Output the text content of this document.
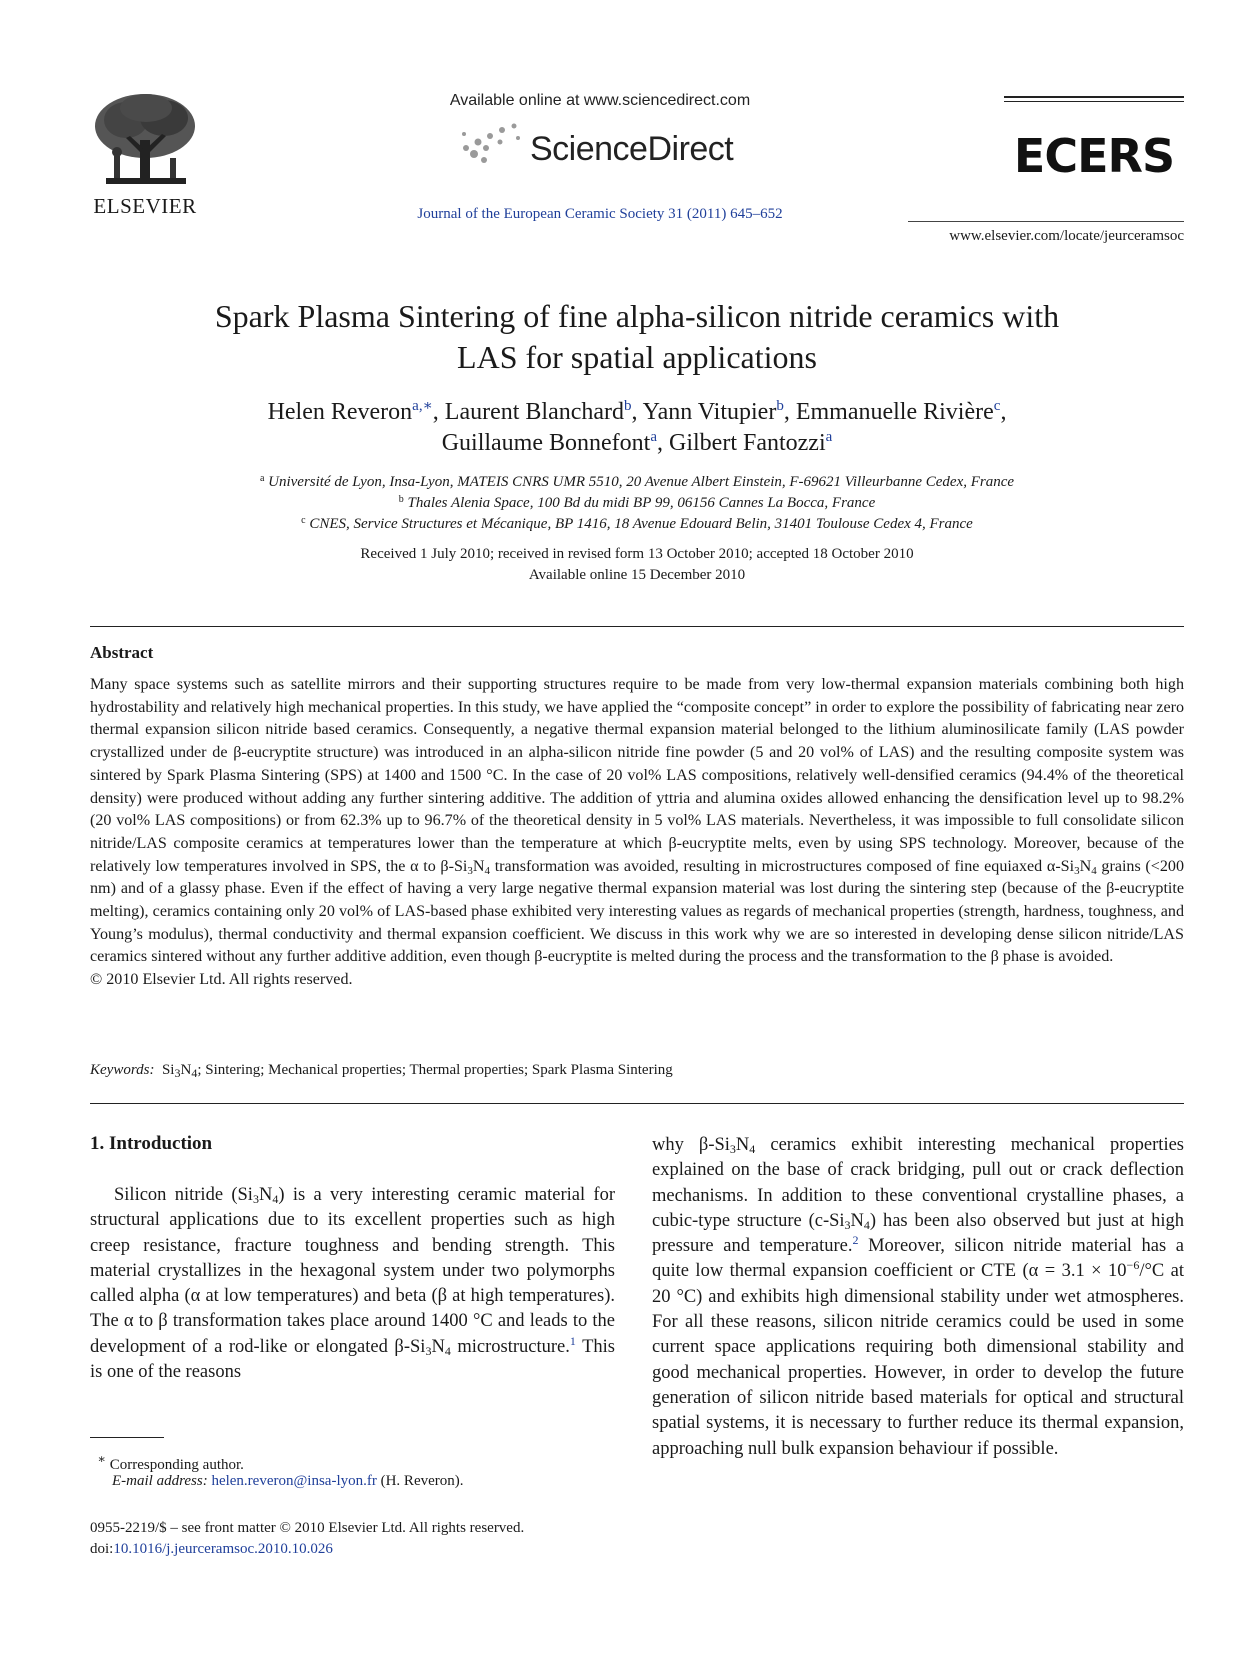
ELSEVIER
Available online at www.sciencedirect.com
ScienceDirect
Journal of the European Ceramic Society 31 (2011) 645–652
ECERS
www.elsevier.com/locate/jeurceramsoc
Spark Plasma Sintering of fine alpha-silicon nitride ceramics with
LAS for spatial applications
Helen Reveron$^{a,∗}$, Laurent Blanchard$^b$, Yann Vitupier$^b$, Emmanuelle Rivière$^c$,
Guillaume Bonnefont$^a$, Gilbert Fantozzi$^a$
$^a$ Université de Lyon, Insa-Lyon, MATEIS CNRS UMR 5510, 20 Avenue Albert Einstein, F-69621 Villeurbanne Cedex, France
$^b$ Thales Alenia Space, 100 Bd du midi BP 99, 06156 Cannes La Bocca, France
$^c$ CNES, Service Structures et Mécanique, BP 1416, 18 Avenue Edouard Belin, 31401 Toulouse Cedex 4, France
Received 1 July 2010; received in revised form 13 October 2010; accepted 18 October 2010
Available online 15 December 2010
Abstract
Many space systems such as satellite mirrors and their supporting structures require to be made from very low-thermal expansion materials combining both high hydrostability and relatively high mechanical properties. In this study, we have applied the “composite concept” in order to explore the possibility of fabricating near zero thermal expansion silicon nitride based ceramics. Consequently, a negative thermal expansion material belonged to the lithium aluminosilicate family (LAS powder crystallized under de β-eucryptite structure) was introduced in an alpha-silicon nitride fine powder (5 and 20 vol% of LAS) and the resulting composite system was sintered by Spark Plasma Sintering (SPS) at 1400 and 1500 °C. In the case of 20 vol% LAS compositions, relatively well-densified ceramics (94.4% of the theoretical density) were produced without adding any further sintering additive. The addition of yttria and alumina oxides allowed enhancing the densification level up to 98.2% (20 vol% LAS compositions) or from 62.3% up to 96.7% of the theoretical density in 5 vol% LAS materials. Nevertheless, it was impossible to full consolidate silicon nitride/LAS composite ceramics at temperatures lower than the temperature at which β-eucryptite melts, even by using SPS technology. Moreover, because of the relatively low temperatures involved in SPS, the α to $\beta-Si_3N_4$ transformation was avoided, resulting in microstructures composed of fine equiaxed $\alpha-Si_3N_4$ grains (<200 nm) and of a glassy phase. Even if the effect of having a very large negative thermal expansion material was lost during the sintering step (because of the β-eucryptite melting), ceramics containing only 20 vol% of LAS-based phase exhibited very interesting values as regards of mechanical properties (strength, hardness, toughness, and Young’s modulus), thermal conductivity and thermal expansion coefficient. We discuss in this work why we are so interested in developing dense silicon nitride/LAS ceramics sintered without any further additive addition, even though β-eucryptite is melted during the process and the transformation to the β phase is avoided.
© 2010 Elsevier Ltd. All rights reserved.
Keywords: $Si_3N_4$; Sintering; Mechanical properties; Thermal properties; Spark Plasma Sintering
1. Introduction
Silicon nitride $(Si_3N_4)$ is a very interesting ceramic material for structural applications due to its excellent properties such as high creep resistance, fracture toughness and bending strength. This material crystallizes in the hexagonal system under two polymorphs called alpha (α at low temperatures) and beta (β at high temperatures). The α to β transformation takes place around 1400 °C and leads to the development of a rod-like or elongated $\beta-Si_3N_4$ microstructure.$^1$ This is one of the reasons
why $\beta-Si_3N_4$ ceramics exhibit interesting mechanical properties explained on the base of crack bridging, pull out or crack deflection mechanisms. In addition to these conventional crystalline phases, a cubic-type structure $(c-Si_3N_4)$ has been also observed but just at high pressure and temperature.$^2$ Moreover, silicon nitride material has a quite low thermal expansion coefficient or CTE ($\alpha = 3.1 \times 10^{-6}/^\circ C$ at 20 °C) and exhibits high dimensional stability under wet atmospheres. For all these reasons, silicon nitride ceramics could be used in some current space applications requiring both dimensional stability and good mechanical properties. However, in order to develop the future generation of silicon nitride based materials for optical and structural spatial systems, it is necessary to further reduce its thermal expansion, approaching null bulk expansion behaviour if possible.
∗ Corresponding author.
E-mail address: helen.reveron@insa-lyon.fr (H. Reveron).
0955-2219/$ – see front matter © 2010 Elsevier Ltd. All rights reserved.
doi:10.1016/j.jeurceramsoc.2010.10.026
